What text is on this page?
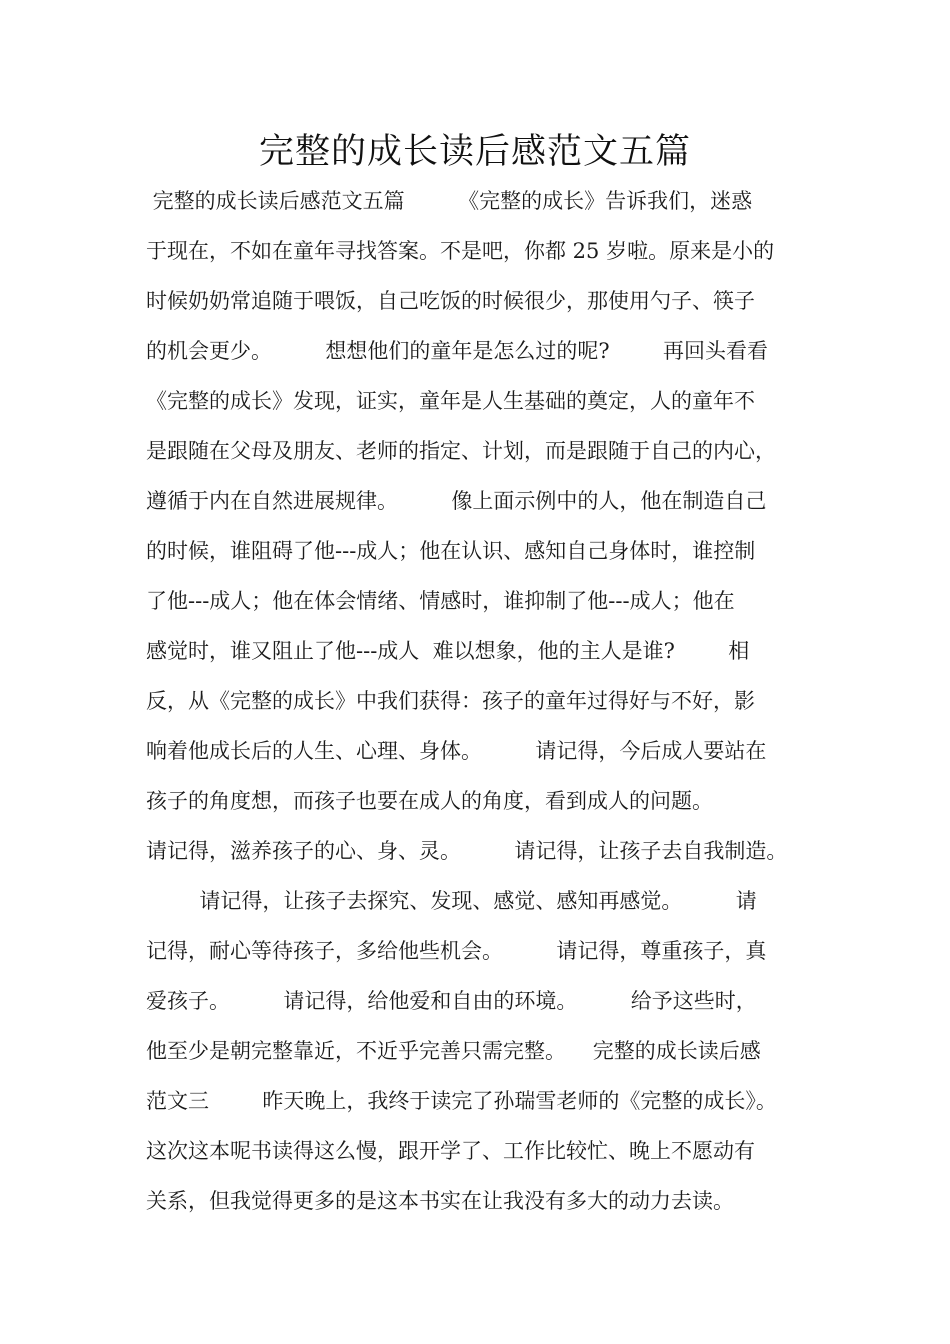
完整的成长读后感范文五篇
完整的成长读后感范文五篇        《完整的成长》告诉我们，迷惑
于现在，不如在童年寻找答案。不是吧，你都 25 岁啦。原来是小的
时候奶奶常追随于喂饭，自己吃饭的时候很少，那使用勺子、筷子
的机会更少。        想想他们的童年是怎么过的呢?        再回头看看
《完整的成长》发现，证实，童年是人生基础的奠定，人的童年不
是跟随在父母及朋友、老师的指定、计划，而是跟随于自己的内心，
遵循于内在自然进展规律。        像上面示例中的人，他在制造自己
的时候，谁阻碍了他---成人；他在认识、感知自己身体时，谁控制
了他---成人；他在体会情绪、情感时，谁抑制了他---成人；他在
感觉时，谁又阻止了他---成人  难以想象，他的主人是谁?        相
反，从《完整的成长》中我们获得：孩子的童年过得好与不好，影
响着他成长后的人生、心理、身体。        请记得，今后成人要站在
孩子的角度想，而孩子也要在成人的角度，看到成人的问题。
请记得，滋养孩子的心、身、灵。        请记得，让孩子去自我制造。
请记得，让孩子去探究、发现、感觉、感知再感觉。        请
记得，耐心等待孩子，多给他些机会。        请记得，尊重孩子，真
爱孩子。        请记得，给他爱和自由的环境。        给予这些时，
他至少是朝完整靠近，不近乎完善只需完整。    完整的成长读后感
范文三        昨天晚上，我终于读完了孙瑞雪老师的《完整的成长》。
这次这本呢书读得这么慢，跟开学了、工作比较忙、晚上不愿动有
关系，但我觉得更多的是这本书实在让我没有多大的动力去读。
